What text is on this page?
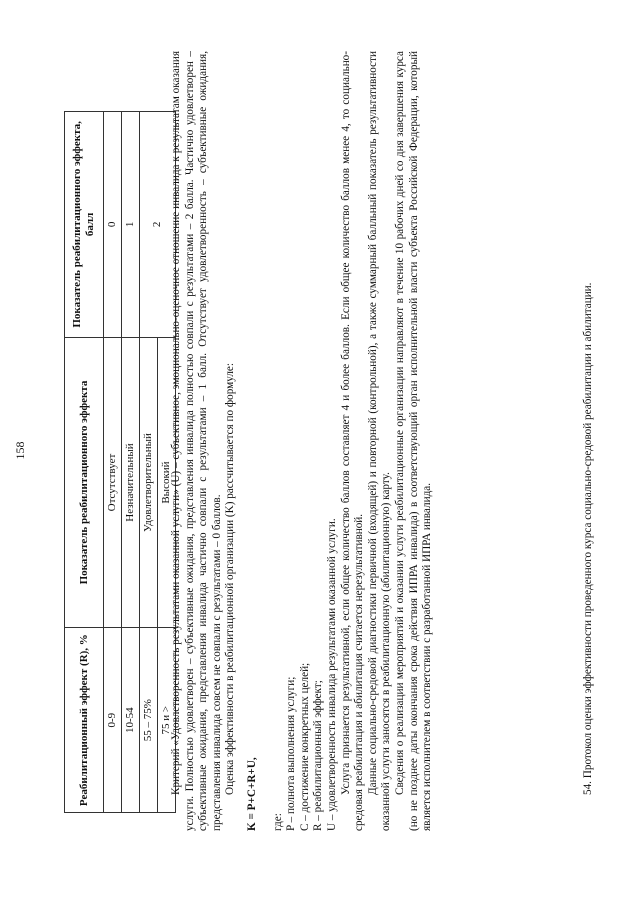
158
Реабилитационный эффект (R), %	Показатель реабилитационного эффекта	Показатель реабилитационного эффекта, балл
0-9	Отсутствует	0
10-54	Незначительный	1
55 – 75%	Удовлетворительный	2
75 и >	Высокий	

Критерий «Удовлетворенность результатами оказанной услуги» (U) – субъективное, эмоционально-оценочное отношение инвалида к результатам оказания услуги. Полностью удовлетворен – субъективные ожидания, представления инвалида полностью совпали с результатами – 2 балла. Частично удовлетворен – субъективные ожидания, представления инвалида частично совпали с результатами – 1 балл. Отсутствует удовлетворенность – субъективные ожидания, представления инвалида совсем не совпали с результатами – 0 баллов. Оценка эффективности в реабилитационной организации (K) рассчитывается по формуле: K = P+C+R+U, где: P – полнота выполнения услуги; C – достижение конкретных целей; R – реабилитационный эффект; U – удовлетворенность инвалида результатами оказанной услуги. Услуга признается результативной, если общее количество баллов составляет 4 и более баллов. Если общее количество баллов менее 4, то социально-средовая реабилитация и абилитация считается нерезультативной. Данные социально-средовой диагностики первичной (входящей) и повторной (контрольной), а также суммарный балльный показатель результативности оказанной услуги заносятся в реабилитационную (абилитационную) карту. Сведения о реализации мероприятий и оказании услуги реабилитационные организации направляют в течение 10 рабочих дней со дня завершения курса (но не позднее даты окончания срока действия ИПРА инвалида) в соответствующий орган исполнительной власти субъекта Российской Федерации, который является исполнителем в соответствии с разработанной ИПРА инвалида.	54. Протокол оценки эффективности проведенного курса социально-средовой реабилитации и абилитации.
